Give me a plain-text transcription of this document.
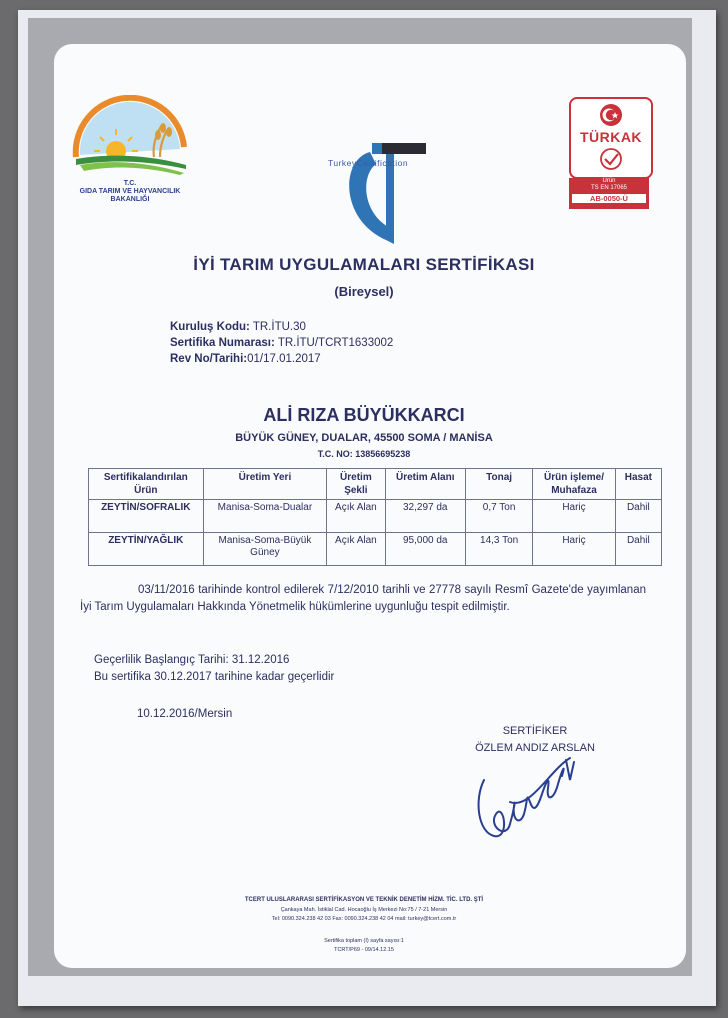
T.C.
GIDA TARIM VE HAYVANCILIK
BAKANLIĞI
TurkeyCertification
TÜRKAK
Ürün
TS EN 17065
AB-0050-Ü
İYİ TARIM UYGULAMALARI SERTİFİKASI
(Bireysel)
Kuruluş Kodu: TR.İTU.30
Sertifika Numarası: TR.İTU/TCRT1633002
Rev No/Tarihi:01/17.01.2017
ALİ RIZA BÜYÜKKARCI
BÜYÜK GÜNEY, DUALAR, 45500 SOMA / MANİSA
T.C. NO: 13856695238
Sertifikalandırılan Ürün	Üretim Yeri	Üretim Şekli	Üretim Alanı	Tonaj	Ürün işleme/ Muhafaza	Hasat
ZEYTİN/SOFRALIK	Manisa-Soma-Dualar	Açık Alan	32,297 da	0,7 Ton	Hariç	Dahil
ZEYTİN/YAĞLIK	Manisa-Soma-Büyük Güney	Açık Alan	95,000 da	14,3 Ton	Hariç	Dahil
03/11/2016 tarihinde kontrol edilerek 7/12/2010 tarihli ve 27778 sayılı Resmî Gazete'de yayımlanan İyi Tarım Uygulamaları Hakkında Yönetmelik hükümlerine uygunluğu tespit edilmiştir.
Geçerlilik Başlangıç Tarihi: 31.12.2016
Bu sertifika 30.12.2017 tarihine kadar geçerlidir
10.12.2016/Mersin
SERTİFİKER
ÖZLEM ANDIZ ARSLAN
TCERT ULUSLARARASI SERTİFİKASYON VE TEKNİK DENETİM HİZM. TİC. LTD. ŞTİ
Çankaya Mah. İstiklal Cad. Hocaoğlu İş Merkezi No:75 / 7-21 Mersin
Tel: 0090.324.238 42 03 Fax: 0090.324.238 42 04 mail: turkey@tcert.com.tr
Sertifika toplam (I) sayfa sayısı:1
TCRT/P69 - 09/14.12.15
